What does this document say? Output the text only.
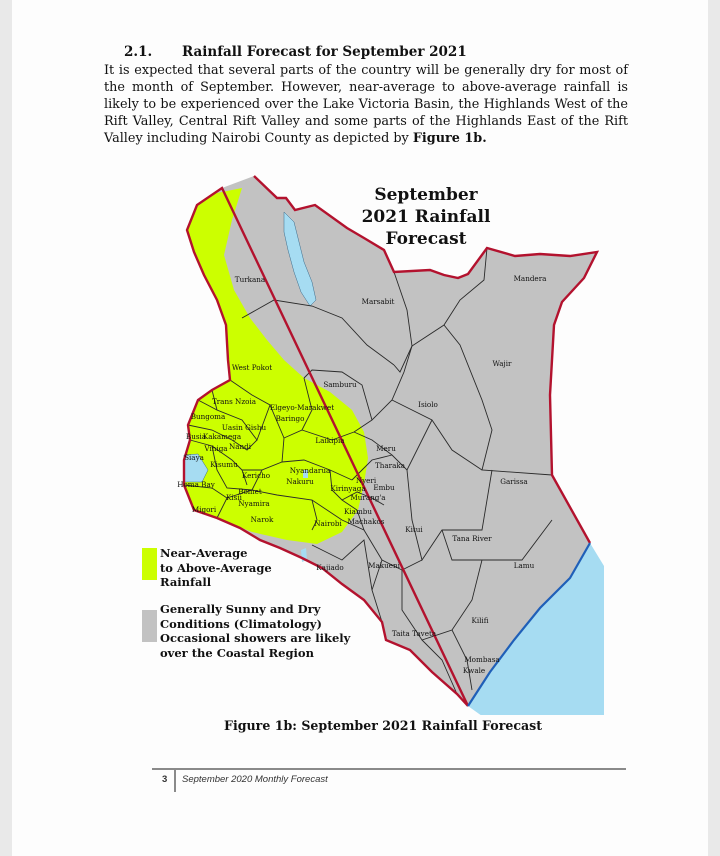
2.1. Rainfall Forecast for September 2021
It is expected that several parts of the country will be generally dry for most of the month of September. However, near-average to above-average rainfall is likely to be experienced over the Lake Victoria Basin, the Highlands West of the Rift Valley, Central Rift Valley and some parts of the Highlands East of the Rift Valley including Nairobi County as depicted by Figure 1b.
September
2021 Rainfall
Forecast
Turkana
Marsabit
Mandera
Wajir
West Pokot
Samburu
Isiolo
Trans Nzoia
Elgeyo-Marakwet
Bungoma	Baringo
Uasin Gishu
Laikipia
Busia
Kakamega
Vihiga Nandi	Meru
Siaya
Kisumu
Kericho
Nyandarua
Tharaka
Nakuru	Nyeri
Homa Bay
Bomet	Kirinyaga Embu
Kisii	Murang'a
Nyamira
Garissa
Migori	Kiambu
Narok	Nairobi Machakos
Kitui
Tana River
Kajiado	Makueni	Lamu
Kilifi
Taita Taveta
Mombasa
Kwale
Near-Average
to Above-Average
Rainfall
Generally Sunny and Dry
Conditions (Climatology)
Occasional showers are likely
over the Coastal Region
Figure 1b: September 2021 Rainfall Forecast
3 September 2020 Monthly Forecast
